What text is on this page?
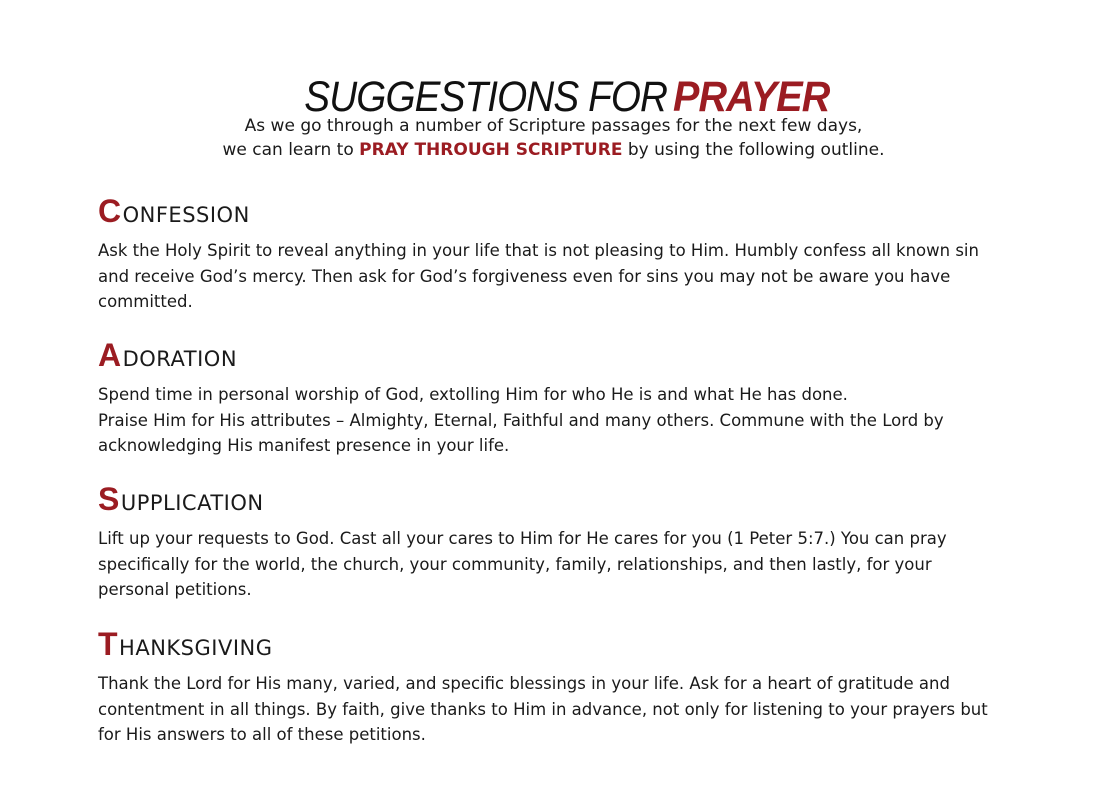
SUGGESTIONS FOR PRAYER
As we go through a number of Scripture passages for the next few days,
we can learn to PRAY THROUGH SCRIPTURE by using the following outline.
CONFESSION

Ask the Holy Spirit to reveal anything in your life that is not pleasing to Him. Humbly confess all known sin and receive God’s mercy. Then ask for God’s forgiveness even for sins you may not be aware you have committed.

ADORATION

Spend time in personal worship of God, extolling Him for who He is and what He has done.
Praise Him for His attributes – Almighty, Eternal, Faithful and many others. Commune with the Lord by acknowledging His manifest presence in your life.

SUPPLICATION

Lift up your requests to God. Cast all your cares to Him for He cares for you (1 Peter 5:7.) You can pray specifically for the world, the church, your community, family, relationships, and then lastly, for your personal petitions.

THANKSGIVING

Thank the Lord for His many, varied, and specific blessings in your life. Ask for a heart of gratitude and contentment in all things. By faith, give thanks to Him in advance, not only for listening to your prayers but for His answers to all of these petitions.
